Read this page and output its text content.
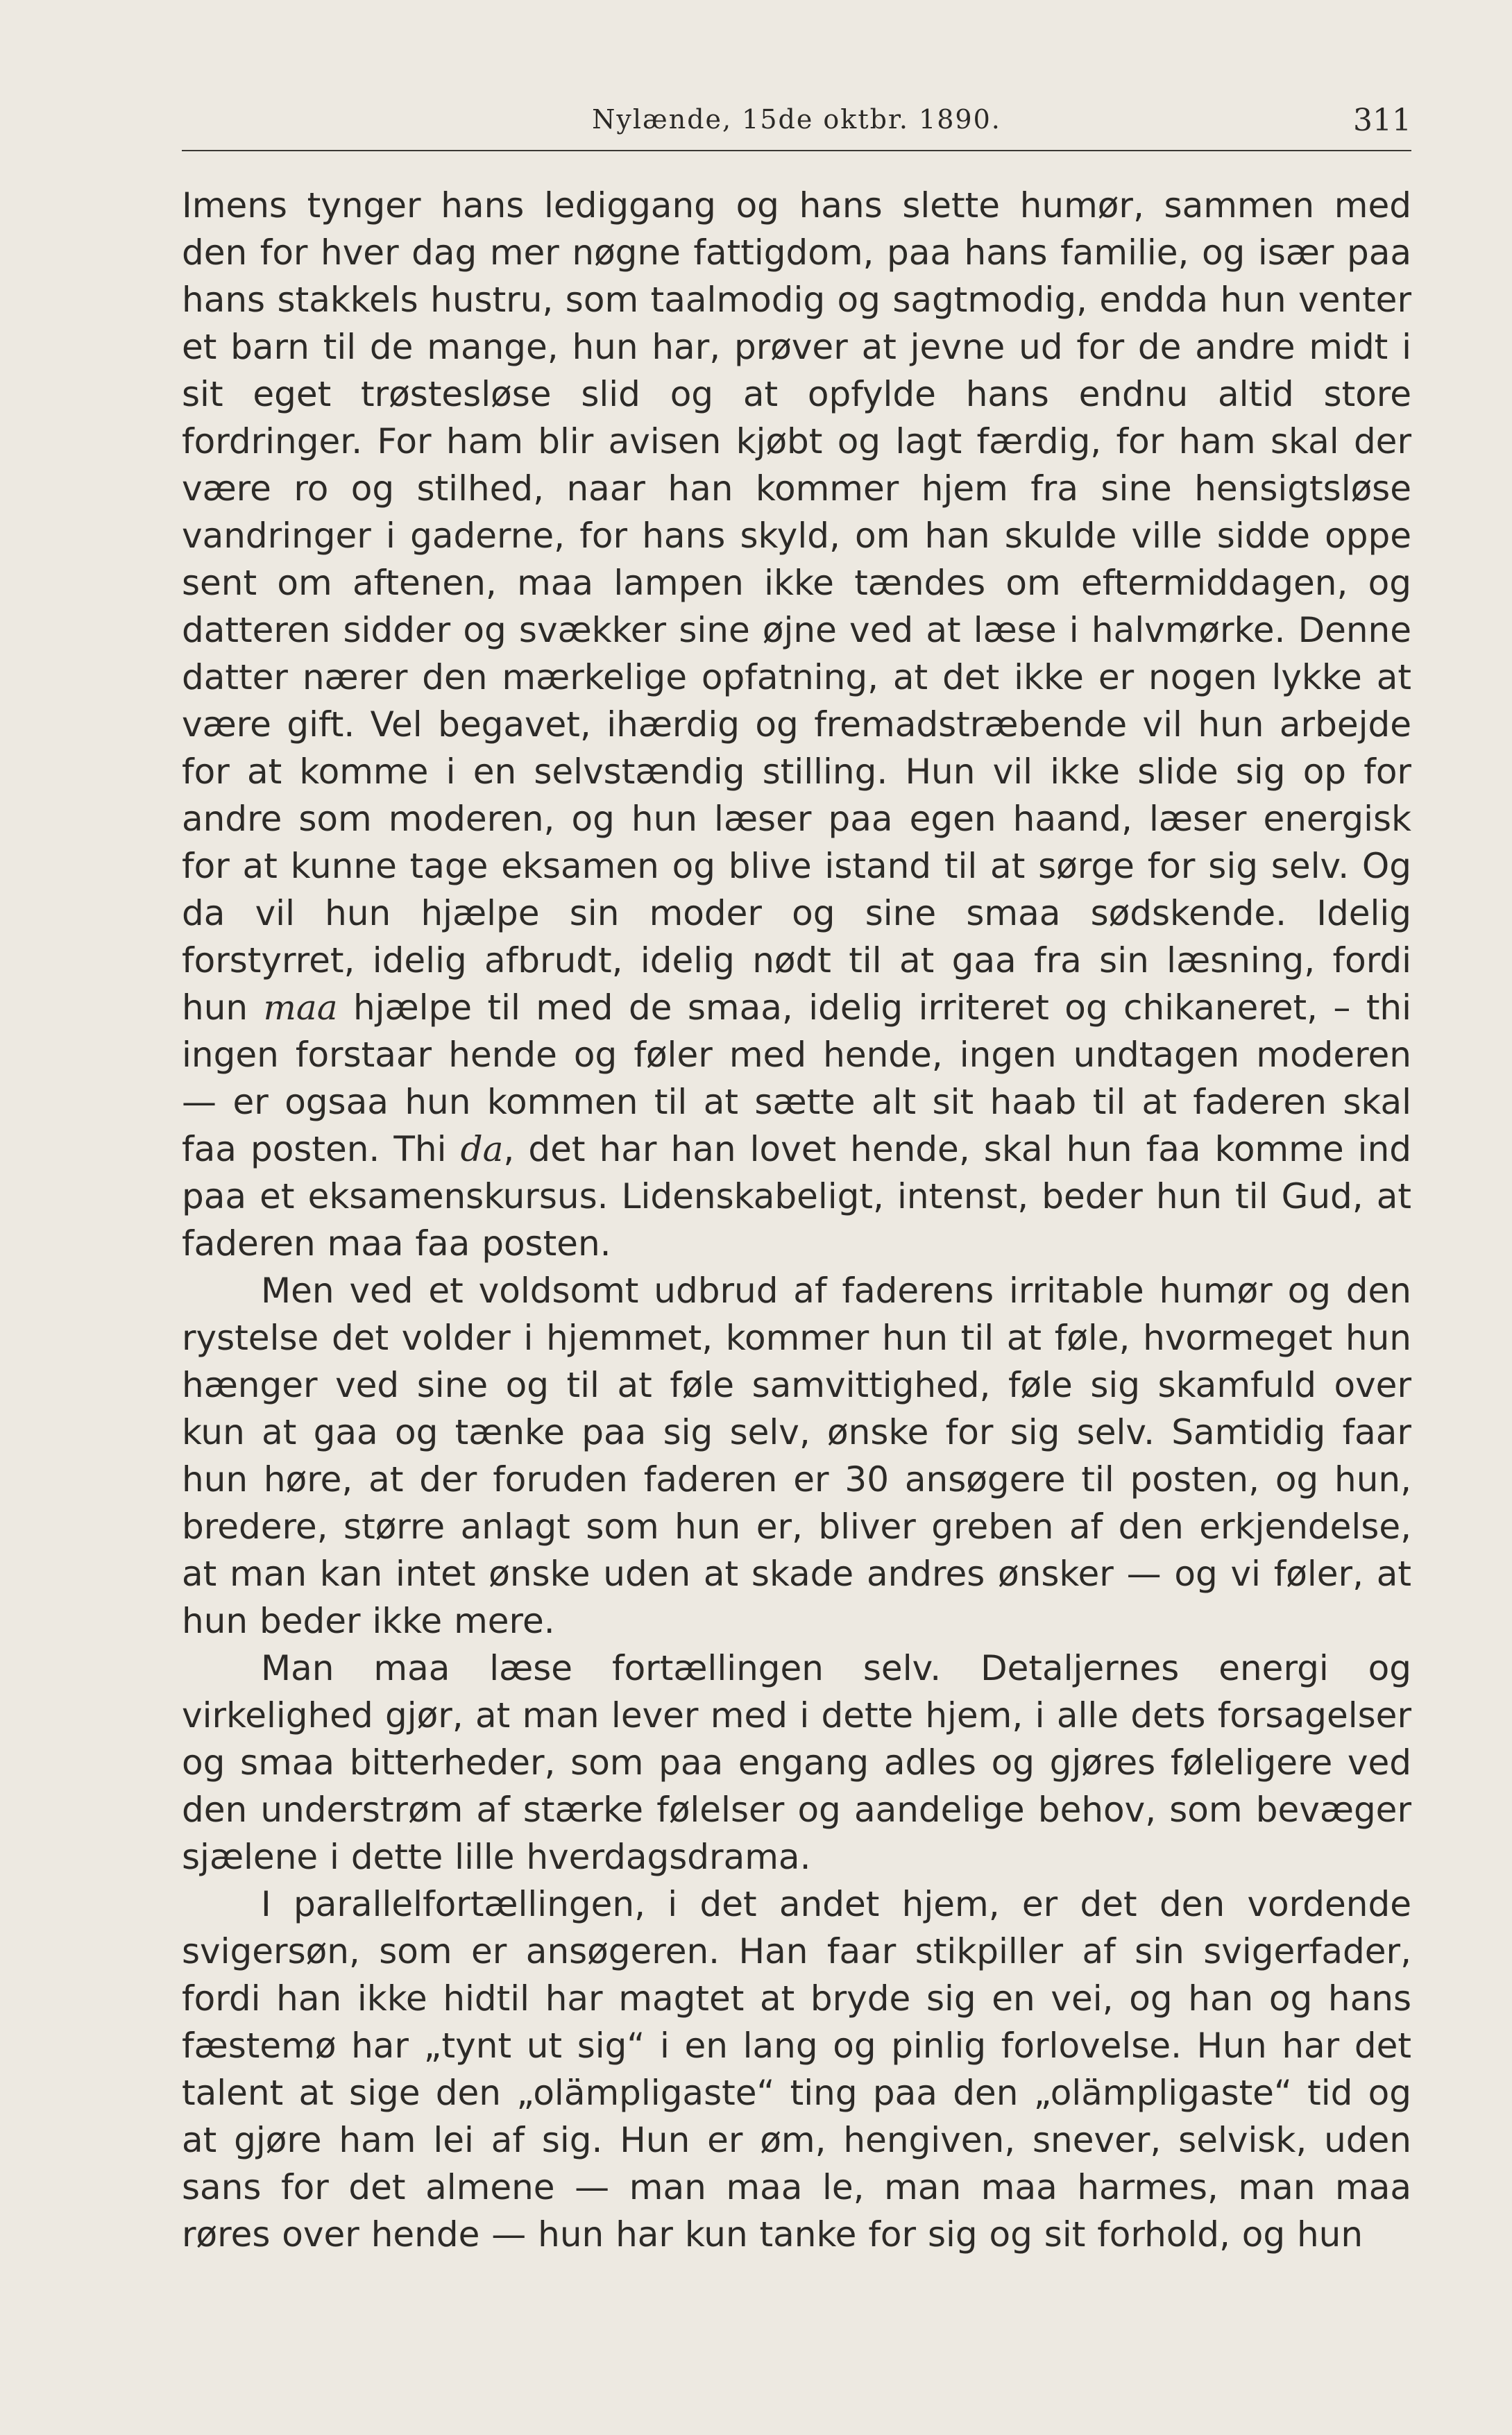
Nylænde, 15de oktbr. 1890.	311

Imens tynger hans lediggang og hans slette humør, sammen med den for hver dag mer nøgne fattigdom, paa hans familie, og især paa hans stakkels hustru, som taalmodig og sagtmodig, endda hun venter et barn til de mange, hun har, prøver at jevne ud for de andre midt i sit eget trøstesløse slid og at opfylde hans endnu altid store fordringer. For ham blir avisen kjøbt og lagt færdig, for ham skal der være ro og stilhed, naar han kommer hjem fra sine hensigtsløse vandringer i gaderne, for hans skyld, om han skulde ville sidde oppe sent om aftenen, maa lampen ikke tændes om eftermiddagen, og datteren sidder og svækker sine øjne ved at læse i halvmørke. Denne datter nærer den mærkelige opfatning, at det ikke er nogen lykke at være gift. Vel begavet, ihærdig og fremadstræbende vil hun arbejde for at komme i en selvstændig stilling. Hun vil ikke slide sig op for andre som moderen, og hun læser paa egen haand, læser energisk for at kunne tage eksamen og blive istand til at sørge for sig selv. Og da vil hun hjælpe sin moder og sine smaa sødskende. Idelig forstyrret, idelig afbrudt, idelig nødt til at gaa fra sin læsning, fordi hun maa hjælpe til med de smaa, idelig irriteret og chikaneret, – thi ingen forstaar hende og føler med hende, ingen undtagen moderen — er ogsaa hun kommen til at sætte alt sit haab til at faderen skal faa posten. Thi da, det har han lovet hende, skal hun faa komme ind paa et eksamenskursus. Lidenskabeligt, intenst, beder hun til Gud, at faderen maa faa posten.

Men ved et voldsomt udbrud af faderens irritable humør og den rystelse det volder i hjemmet, kommer hun til at føle, hvormeget hun hænger ved sine og til at føle samvittighed, føle sig skamfuld over kun at gaa og tænke paa sig selv, ønske for sig selv. Samtidig faar hun høre, at der foruden faderen er 30 ansøgere til posten, og hun, bredere, større anlagt som hun er, bliver greben af den erkjendelse, at man kan intet ønske uden at skade andres ønsker — og vi føler, at hun beder ikke mere.

Man maa læse fortællingen selv. Detaljernes energi og virkelighed gjør, at man lever med i dette hjem, i alle dets forsagelser og smaa bitterheder, som paa engang adles og gjøres føleligere ved den understrøm af stærke følelser og aandelige behov, som bevæger sjælene i dette lille hverdagsdrama.

I parallelfortællingen, i det andet hjem, er det den vordende svigersøn, som er ansøgeren. Han faar stikpiller af sin svigerfader, fordi han ikke hidtil har magtet at bryde sig en vei, og han og hans fæstemø har „tynt ut sig“ i en lang og pinlig forlovelse. Hun har det talent at sige den „olämpligaste“ ting paa den „olämpligaste“ tid og at gjøre ham lei af sig. Hun er øm, hengiven, snever, selvisk, uden sans for det almene — man maa le, man maa harmes, man maa røres over hende — hun har kun tanke for sig og sit forhold, og hun
